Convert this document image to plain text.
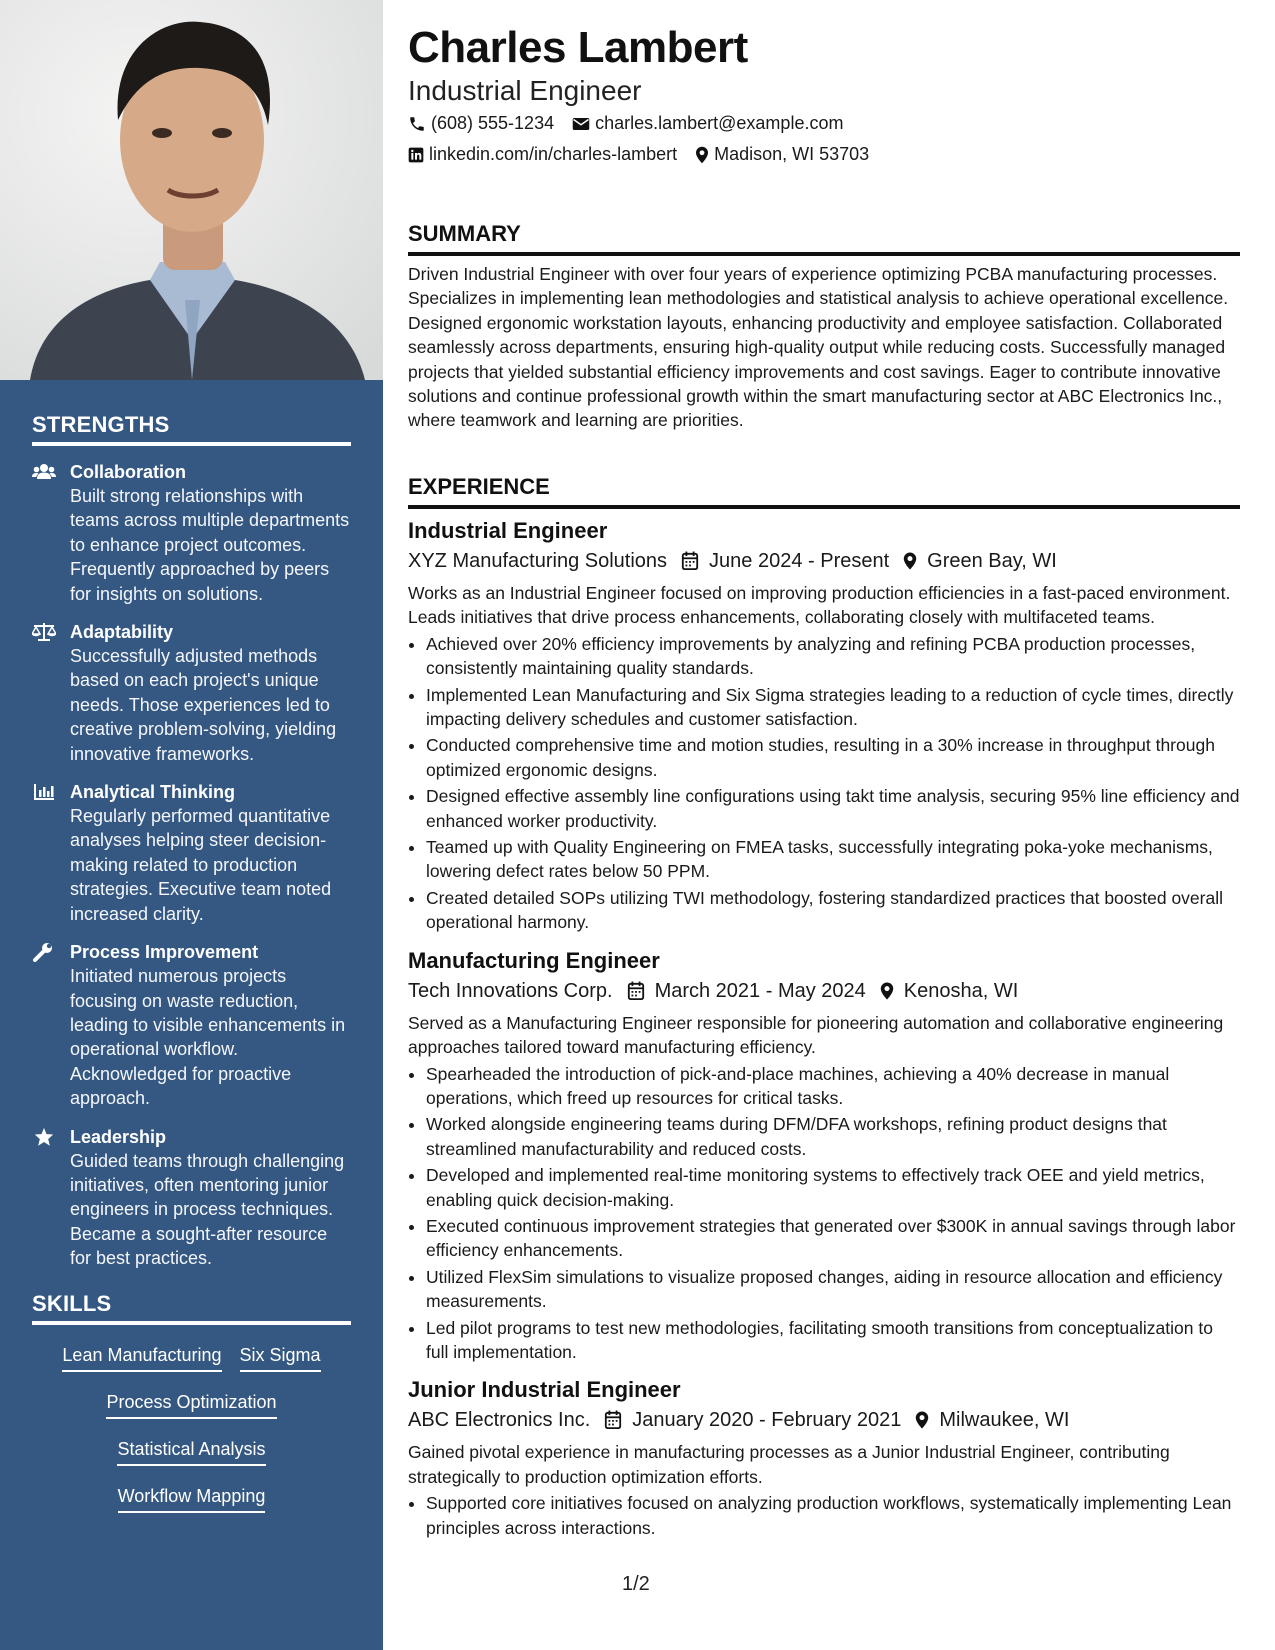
STRENGTHS
Collaboration
Built strong relationships with teams across multiple departments to enhance project outcomes. Frequently approached by peers for insights on solutions.
Adaptability
Successfully adjusted methods based on each project's unique needs. Those experiences led to creative problem-solving, yielding innovative frameworks.
Analytical Thinking
Regularly performed quantitative analyses helping steer decision-making related to production strategies. Executive team noted increased clarity.
Process Improvement
Initiated numerous projects focusing on waste reduction, leading to visible enhancements in operational workflow. Acknowledged for proactive approach.
Leadership
Guided teams through challenging initiatives, often mentoring junior engineers in process techniques. Became a sought-after resource for best practices.
SKILLS
Lean Manufacturing Six Sigma
Process Optimization
Statistical Analysis
Workflow Mapping
Charles Lambert
Industrial Engineer
(608) 555-1234 charles.lambert@example.com
linkedin.com/in/charles-lambert Madison, WI 53703
SUMMARY
Driven Industrial Engineer with over four years of experience optimizing PCBA manufacturing processes. Specializes in implementing lean methodologies and statistical analysis to achieve operational excellence. Designed ergonomic workstation layouts, enhancing productivity and employee satisfaction. Collaborated seamlessly across departments, ensuring high-quality output while reducing costs. Successfully managed projects that yielded substantial efficiency improvements and cost savings. Eager to contribute innovative solutions and continue professional growth within the smart manufacturing sector at ABC Electronics Inc., where teamwork and learning are priorities.
EXPERIENCE
Industrial Engineer
XYZ Manufacturing Solutions June 2024 - Present Green Bay, WI
Works as an Industrial Engineer focused on improving production efficiencies in a fast-paced environment. Leads initiatives that drive process enhancements, collaborating closely with multifaceted teams.
• Achieved over 20% efficiency improvements by analyzing and refining PCBA production processes, consistently maintaining quality standards.
• Implemented Lean Manufacturing and Six Sigma strategies leading to a reduction of cycle times, directly impacting delivery schedules and customer satisfaction.
• Conducted comprehensive time and motion studies, resulting in a 30% increase in throughput through optimized ergonomic designs.
• Designed effective assembly line configurations using takt time analysis, securing 95% line efficiency and enhanced worker productivity.
• Teamed up with Quality Engineering on FMEA tasks, successfully integrating poka-yoke mechanisms, lowering defect rates below 50 PPM.
• Created detailed SOPs utilizing TWI methodology, fostering standardized practices that boosted overall operational harmony.
Manufacturing Engineer
Tech Innovations Corp. March 2021 - May 2024 Kenosha, WI
Served as a Manufacturing Engineer responsible for pioneering automation and collaborative engineering approaches tailored toward manufacturing efficiency.
• Spearheaded the introduction of pick-and-place machines, achieving a 40% decrease in manual operations, which freed up resources for critical tasks.
• Worked alongside engineering teams during DFM/DFA workshops, refining product designs that streamlined manufacturability and reduced costs.
• Developed and implemented real-time monitoring systems to effectively track OEE and yield metrics, enabling quick decision-making.
• Executed continuous improvement strategies that generated over $300K in annual savings through labor efficiency enhancements.
• Utilized FlexSim simulations to visualize proposed changes, aiding in resource allocation and efficiency measurements.
• Led pilot programs to test new methodologies, facilitating smooth transitions from conceptualization to full implementation.
Junior Industrial Engineer
ABC Electronics Inc. January 2020 - February 2021 Milwaukee, WI
Gained pivotal experience in manufacturing processes as a Junior Industrial Engineer, contributing strategically to production optimization efforts.
• Supported core initiatives focused on analyzing production workflows, systematically implementing Lean principles across interactions.
1/2
